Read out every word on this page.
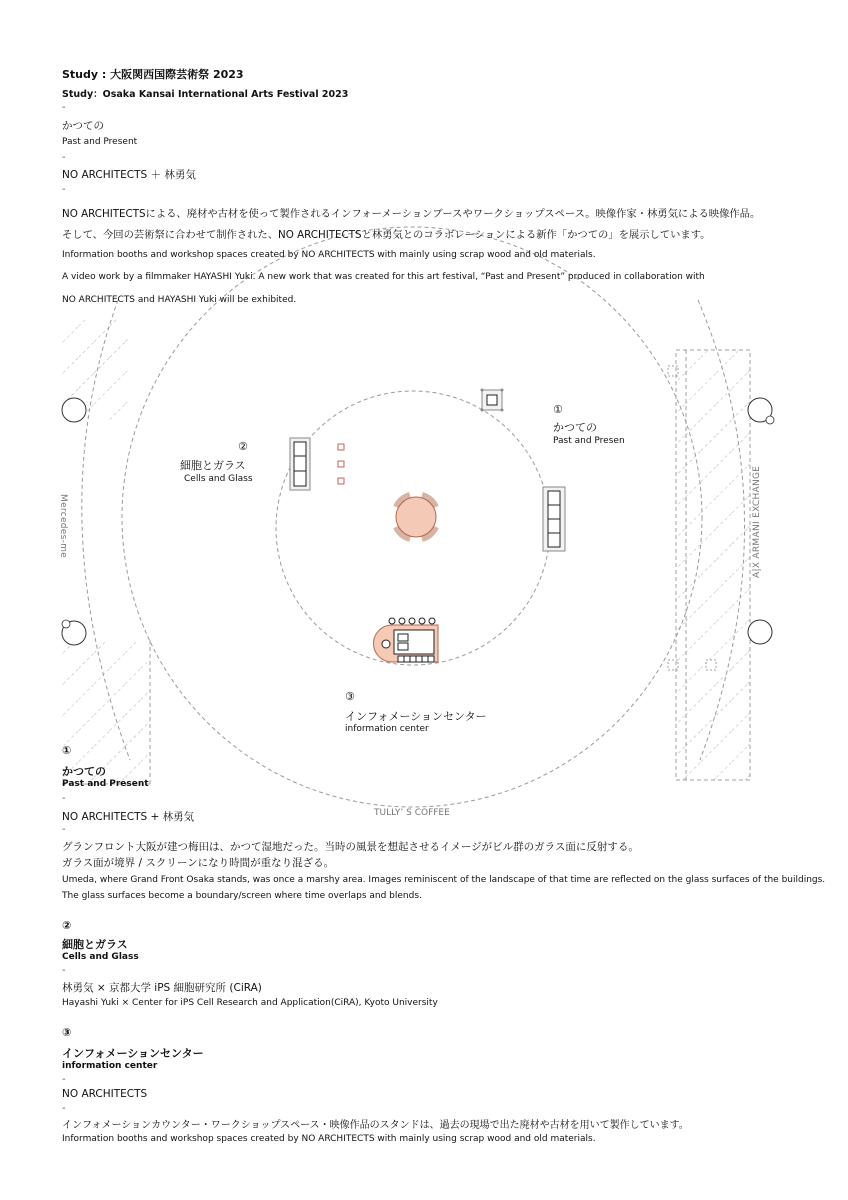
Study : 大阪関西国際芸術祭 2023
Study：Osaka Kansai International Arts Festival 2023
-
かつての
Past and Present
-
NO ARCHITECTS ＋ 林勇気
-
NO ARCHITECTSによる、廃材や古材を使って製作されるインフォーメーションブースやワークショップスペース。映像作家・林勇気による映像作品。
そして、今回の芸術祭に合わせて制作された、NO ARCHITECTSと林勇気とのコラボレーションによる新作「かつての」を展示しています。
Information booths and workshop spaces created by NO ARCHITECTS with mainly using scrap wood and old materials.
A video work by a filmmaker HAYASHI Yuki. A new work that was created for this art festival, “Past and Present” produced in collaboration with
NO ARCHITECTS and HAYASHI Yuki will be exhibited.
①
かつての
Past and Presen
②
細胞とガラス
Cells and Glass
③
インフォメーションセンター
information center
Mercedes-me	A|X ARMANI EXCHANGE
TULLY’ S COFFEE
①
かつての
Past and Present
-
NO ARCHITECTS + 林勇気
-
グランフロント大阪が建つ梅田は、かつて湿地だった。当時の風景を想起させるイメージがビル群のガラス面に反射する。
ガラス面が境界 / スクリーンになり時間が重なり混ざる。
Umeda, where Grand Front Osaka stands, was once a marshy area. Images reminiscent of the landscape of that time are reflected on the glass surfaces of the buildings.
The glass surfaces become a boundary/screen where time overlaps and blends.
②
細胞とガラス
Cells and Glass
-
林勇気 × 京都大学 iPS 細胞研究所 (CiRA)
Hayashi Yuki × Center for iPS Cell Research and Application(CiRA), Kyoto University
③
インフォメーションセンター
information center
-
NO ARCHITECTS
-
インフォメーションカウンター・ワークショップスペース・映像作品のスタンドは、過去の現場で出た廃材や古材を用いて製作しています。
Information booths and workshop spaces created by NO ARCHITECTS with mainly using scrap wood and old materials.
